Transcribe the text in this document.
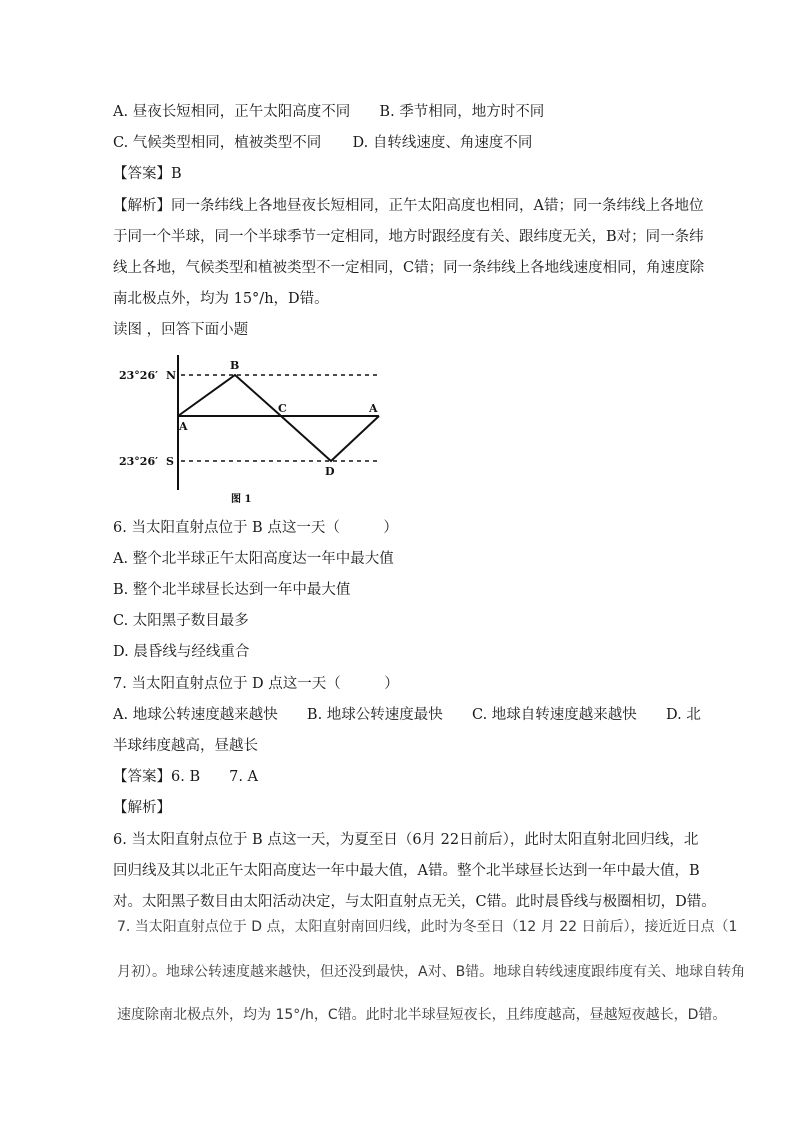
A. 昼夜长短相同，正午太阳高度不同 B. 季节相同，地方时不同
C. 气候类型相同，植被类型不同 D. 自转线速度、角速度不同
【答案】B
【解析】同一条纬线上各地昼夜长短相同，正午太阳高度也相同，A错；同一条纬线上各地位
于同一个半球，同一个半球季节一定相同，地方时跟经度有关、跟纬度无关，B对；同一条纬
线上各地，气候类型和植被类型不一定相同，C错；同一条纬线上各地线速度相同，角速度除
南北极点外，均为 15°/h，D错。
读图 ，回答下面小题
23°26′ N
23°26′ S
A
B
C	A
D
图 1
6. 当太阳直射点位于 B 点这一天（　　　）
A. 整个北半球正午太阳高度达一年中最大值
B. 整个北半球昼长达到一年中最大值
C. 太阳黑子数目最多
D. 晨昏线与经线重合
7. 当太阳直射点位于 D 点这一天（　　　）
A. 地球公转速度越来越快 B. 地球公转速度最快 C. 地球自转速度越来越快 D. 北
半球纬度越高，昼越长
【答案】6. B　　7. A
【解析】
6. 当太阳直射点位于 B 点这一天，为夏至日（6月 22日前后），此时太阳直射北回归线，北
回归线及其以北正午太阳高度达一年中最大值，A错。整个北半球昼长达到一年中最大值，B
对。太阳黑子数目由太阳活动决定，与太阳直射点无关，C错。此时晨昏线与极圈相切，D错。
7. 当太阳直射点位于 D 点，太阳直射南回归线，此时为冬至日（12 月 22 日前后），接近近日点（1
月初）。地球公转速度越来越快，但还没到最快，A对、B错。地球自转线速度跟纬度有关、地球自转角
速度除南北极点外，均为 15°/h，C错。此时北半球昼短夜长，且纬度越高，昼越短夜越长，D错。
